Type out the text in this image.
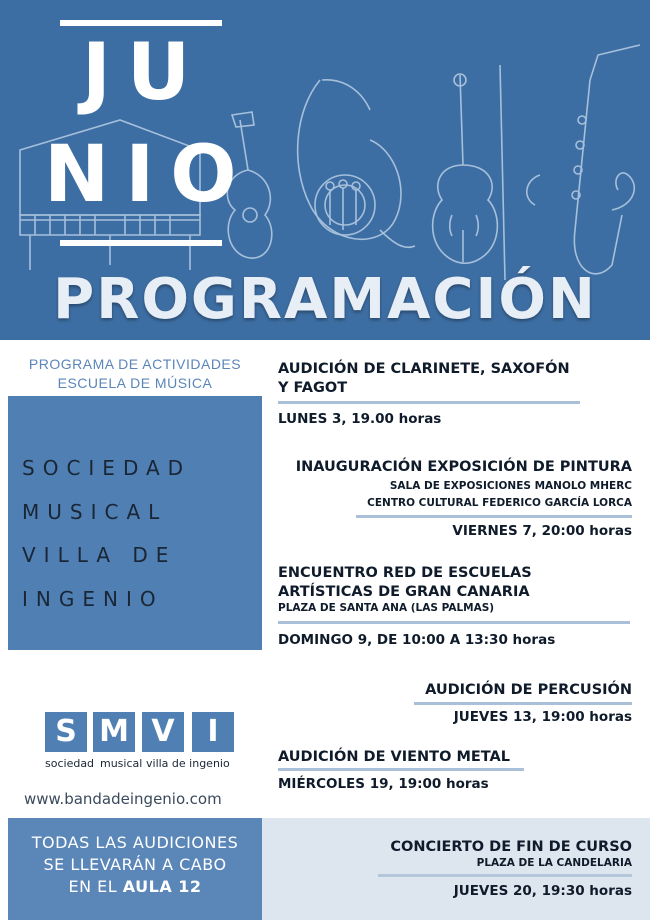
JU
NIO
PROGRAMACIÓN
PROGRAMA DE ACTIVIDADES
ESCUELA DE MÚSICA
SOCIEDAD
MUSICAL
VILLA DE
INGENIO
S M V	I
sociedad musical villa de ingenio
www.bandadeingenio.com
AUDICIÓN DE CLARINETE, SAXOFÓN
Y FAGOT
LUNES 3, 19.00 horas
INAUGURACIÓN EXPOSICIÓN DE PINTURA
SALA DE EXPOSICIONES MANOLO MHERC
CENTRO CULTURAL FEDERICO GARCÍA LORCA
VIERNES 7, 20:00 horas
ENCUENTRO RED DE ESCUELAS
ARTÍSTICAS DE GRAN CANARIA
PLAZA DE SANTA ANA (LAS PALMAS)
DOMINGO 9, DE 10:00 A 13:30 horas
AUDICIÓN DE PERCUSIÓN
JUEVES 13, 19:00 horas
AUDICIÓN DE VIENTO METAL
MIÉRCOLES 19, 19:00 horas
TODAS LAS AUDICIONES
SE LLEVARÁN A CABO
EN EL AULA 12
CONCIERTO DE FIN DE CURSO
PLAZA DE LA CANDELARIA
JUEVES 20, 19:30 horas
